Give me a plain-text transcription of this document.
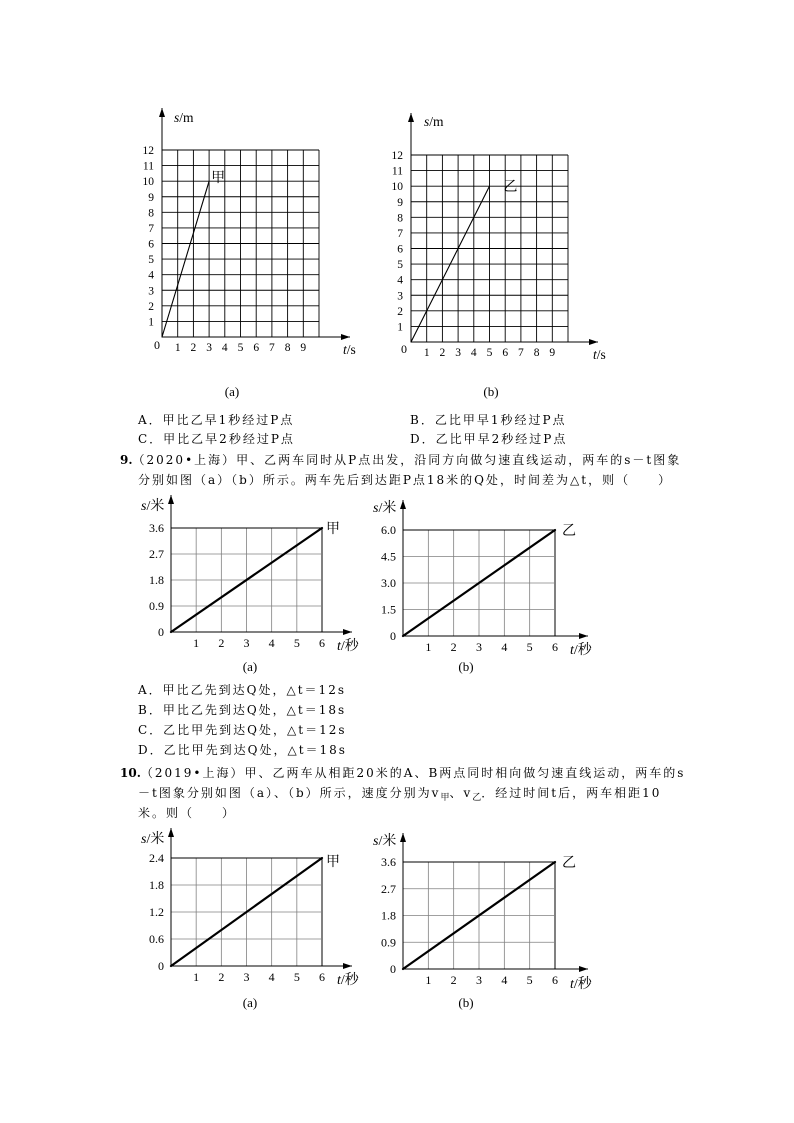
甲
1 2 3 4 5 6 7 8 9
1
2
3
4
5
6
7
8
9
10
11
12
0
s/m
t/s
(a)
乙
1 2 3 4 5 6 7 8 9
1
2
3
4
5
6
7
8
9
10
11
12
0
s/m
t/s
(b)
甲
1 2 3 4 5 6
0
0.9
1.8
2.7
3.6
s/米
t/秒
(a)
乙
1 2 3 4 5 6
0
1.5
3.0
4.5
6.0
s/米
t/秒
(b)
甲
1 2 3 4 5 6
0
0.6
1.2
1.8
2.4
s/米
t/秒
(a)
乙
1 2 3 4 5 6
0
0.9
1.8
2.7
3.6
s/米
t/秒
(b)
A．甲比乙早1秒经过P点	B．乙比甲早1秒经过P点
C．甲比乙早2秒经过P点	D．乙比甲早2秒经过P点
9.（2020•上海）甲、乙两车同时从P点出发，沿同方向做匀速直线运动，两车的s－t图象
分别如图（a）（b）所示。两车先后到达距P点18米的Q处，时间差为△t，则（　　）
A．甲比乙先到达Q处，△t＝12s
B．甲比乙先到达Q处，△t＝18s
C．乙比甲先到达Q处，△t＝12s
D．乙比甲先到达Q处，△t＝18s
10.（2019•上海）甲、乙两车从相距20米的A、B两点同时相向做匀速直线运动，两车的s
－t图象分别如图（a）、（b）所示，速度分别为$v_甲$、$v_乙$．经过时间t后，两车相距10
米。则（　　）
